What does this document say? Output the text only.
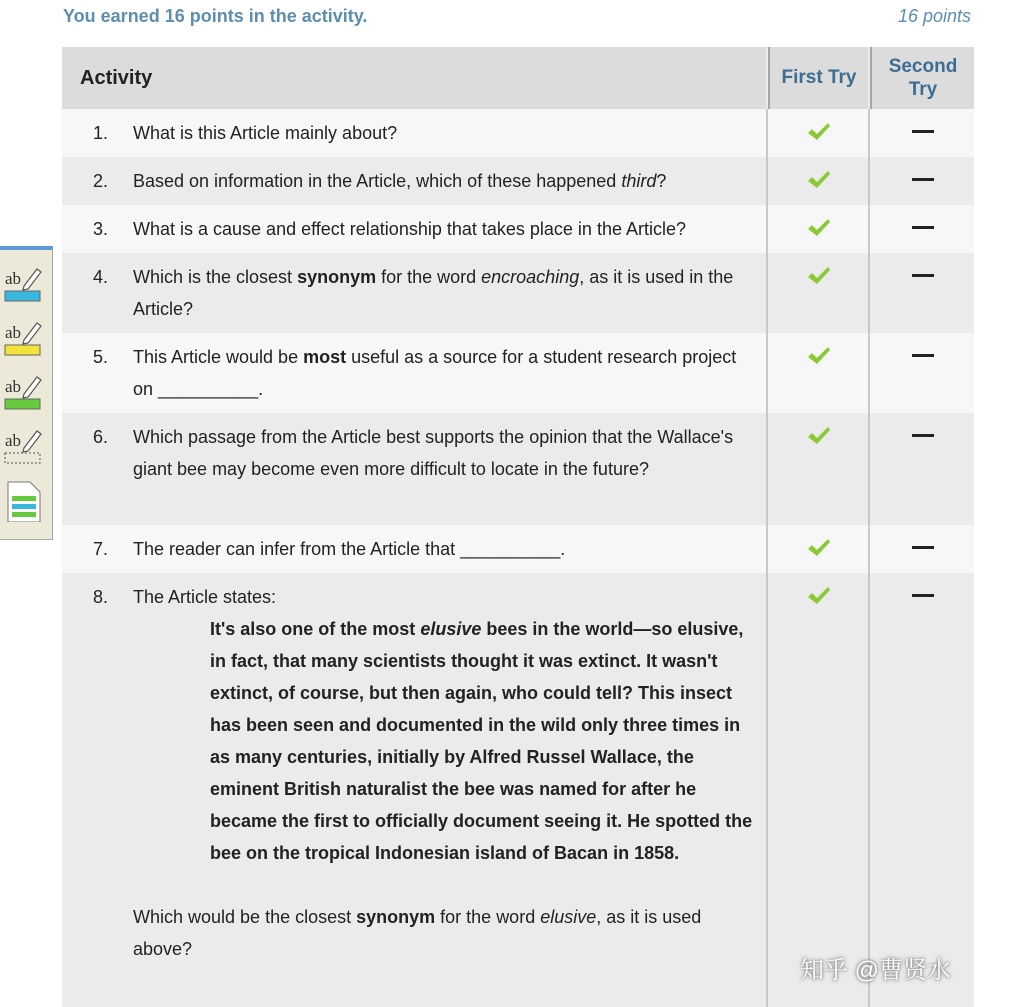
You earned 16 points in the activity.	16 points
Activity	First Try
Second
Try
1. What is this Article mainly about?
2. Based on information in the Article, which of these happened third?
3. What is a cause and effect relationship that takes place in the Article?
4. Which is the closest synonym for the word encroaching, as it is used in the Article?
5. This Article would be most useful as a source for a student research project on __________.
6. Which passage from the Article best supports the opinion that the Wallace's giant bee may become even more difficult to locate in the future?
7. The reader can infer from the Article that __________.
8. The Article states:
It's also one of the most elusive bees in the world—so elusive, in fact, that many scientists thought it was extinct. It wasn't extinct, of course, but then again, who could tell? This insect has been seen and documented in the wild only three times in as many centuries, initially by Alfred Russel Wallace, the eminent British naturalist the bee was named for after he became the first to officially document seeing it. He spotted the bee on the tropical Indonesian island of Bacan in 1858.
Which would be the closest synonym for the word elusive, as it is used above?
ab
ab
ab
ab
知乎 @曹贤水
